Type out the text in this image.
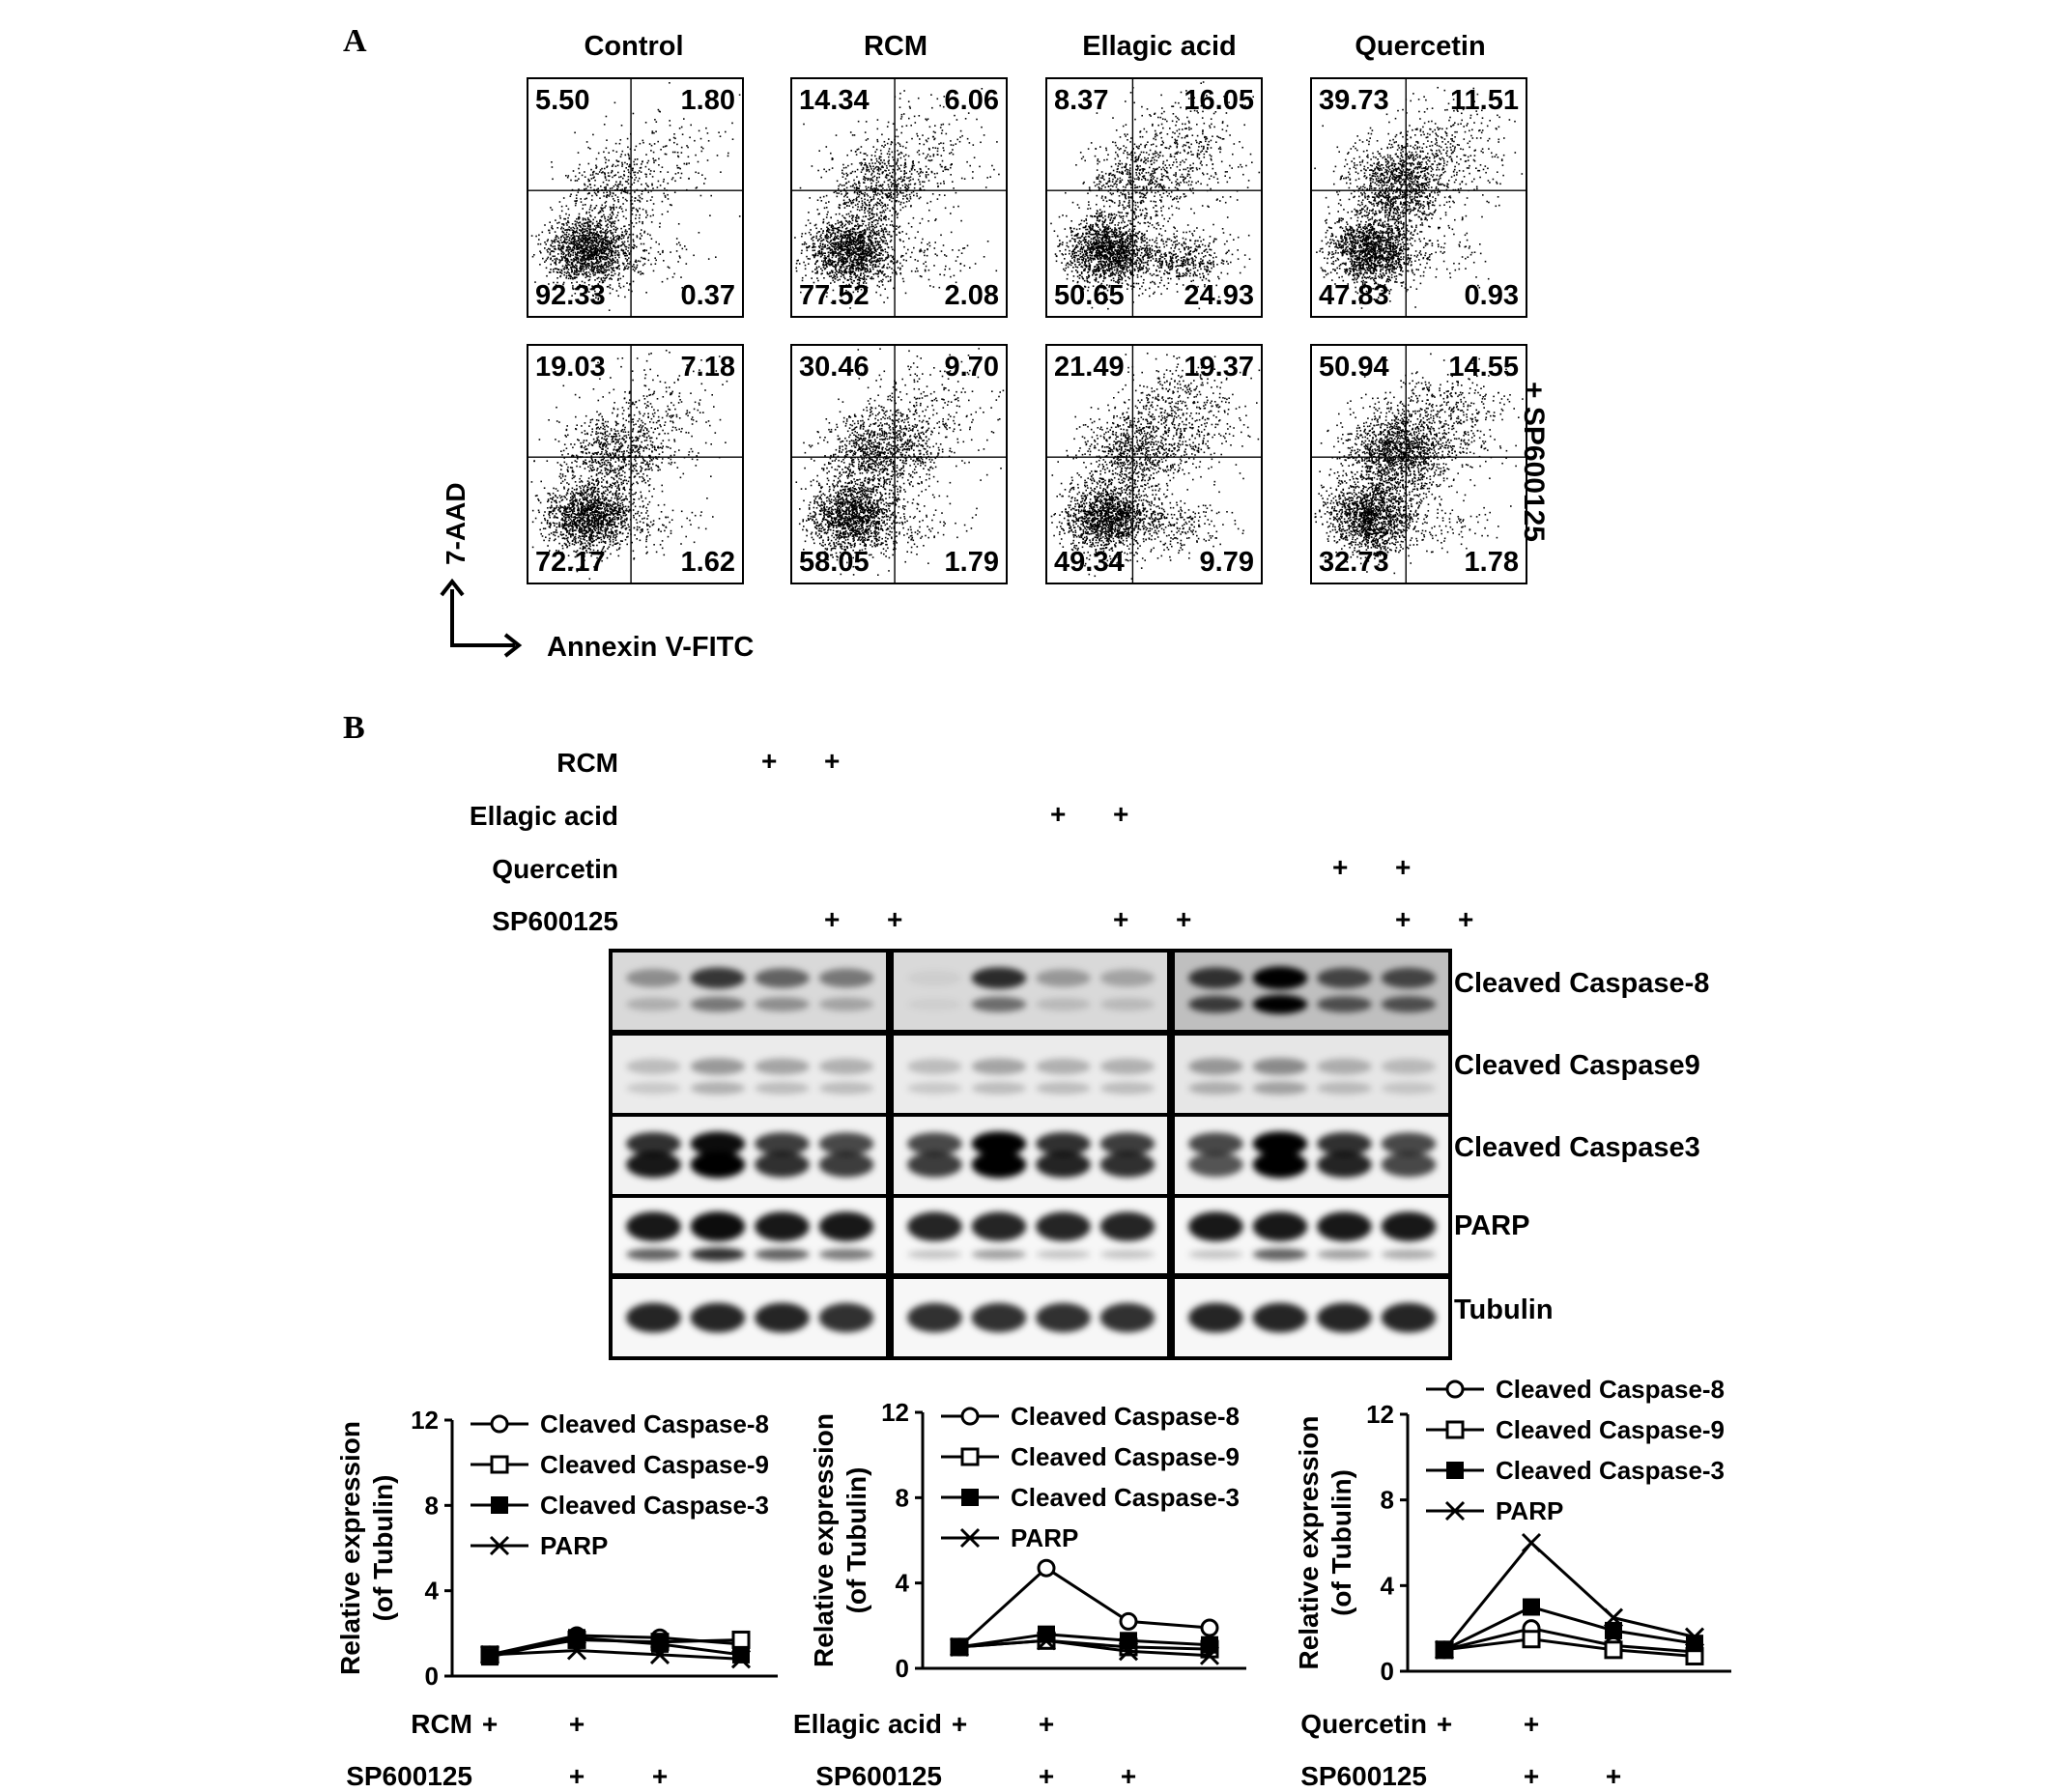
A	Control	RCM	Ellagic acid	Quercetin
5.50	1.80
92.33	0.37
14.34	6.06
77.52	2.08
8.37	16.05
50.65 24.93
39.73 11.51
47.83	0.93
19.03	7.18
72.17	1.62
30.46	9.70
58.05	1.79
21.49 19.37
49.34	9.79
50.94 14.55
32.73	1.78
+ SP600125
7-AAD
Annexin V-FITC
B
RCM
Ellagic acid
Quercetin
SP600125
+ +
+ +
+ +
+ +	+ +	+ +
Cleaved Caspase-8
Cleaved Caspase9
Cleaved Caspase3
PARP
Tubulin
0
4
8
12
Relative expression (of Tubulin)
Cleaved Caspase-8
Cleaved Caspase-9
Cleaved Caspase-3
PARP
RCM +	+
SP600125	+ +
0
4
8
12
Relative expression (of Tubulin)
Cleaved Caspase-8
Cleaved Caspase-9
Cleaved Caspase-3
PARP
Ellagic acid +	+
SP600125	+ +
0
4
8
12
Relative expression (of Tubulin)
Cleaved Caspase-8
Cleaved Caspase-9
Cleaved Caspase-3
PARP
Quercetin +	+
SP600125	+ +
